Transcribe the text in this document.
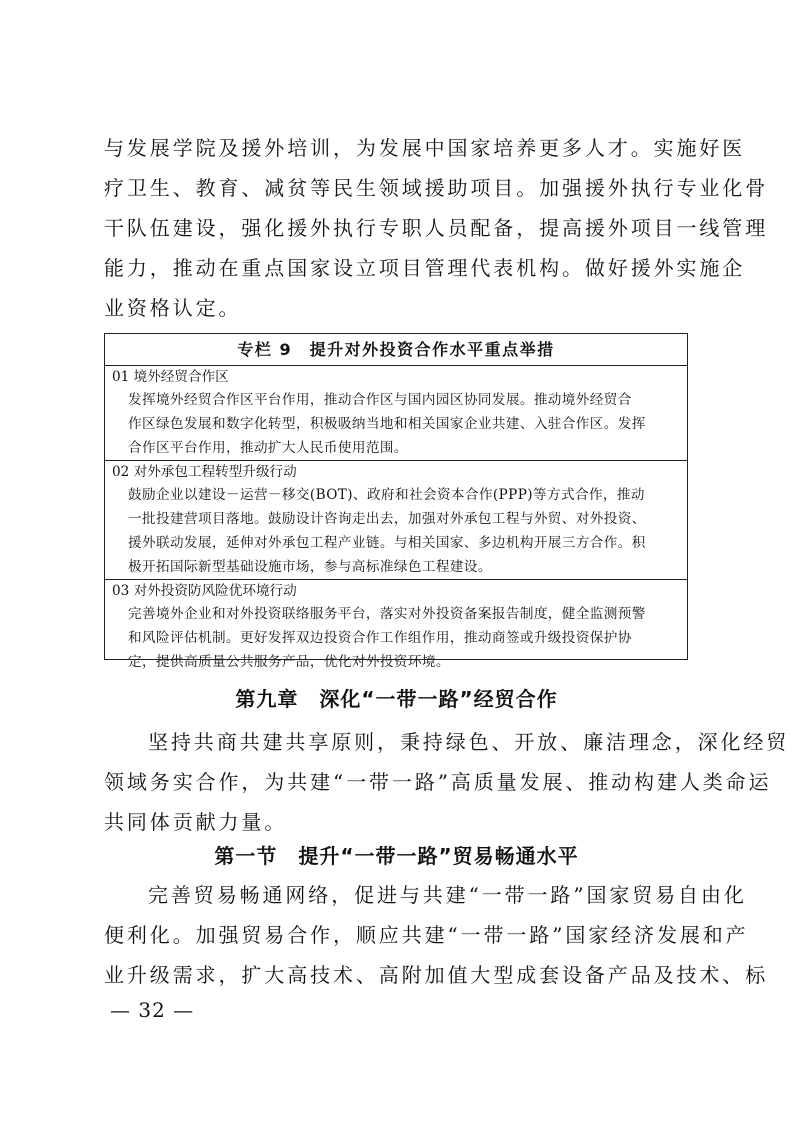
与发展学院及援外培训，为发展中国家培养更多人才。实施好医
疗卫生、教育、减贫等民生领域援助项目。加强援外执行专业化骨
干队伍建设，强化援外执行专职人员配备，提高援外项目一线管理
能力，推动在重点国家设立项目管理代表机构。做好援外实施企
业资格认定。
专栏 9　提升对外投资合作水平重点举措
01 境外经贸合作区
发挥境外经贸合作区平台作用，推动合作区与国内园区协同发展。推动境外经贸合
作区绿色发展和数字化转型，积极吸纳当地和相关国家企业共建、入驻合作区。发挥
合作区平台作用，推动扩大人民币使用范围。
02 对外承包工程转型升级行动
鼓励企业以建设－运营－移交(BOT)、政府和社会资本合作(PPP)等方式合作，推动
一批投建营项目落地。鼓励设计咨询走出去，加强对外承包工程与外贸、对外投资、
援外联动发展，延伸对外承包工程产业链。与相关国家、多边机构开展三方合作。积
极开拓国际新型基础设施市场，参与高标准绿色工程建设。
03 对外投资防风险优环境行动
完善境外企业和对外投资联络服务平台，落实对外投资备案报告制度，健全监测预警
和风险评估机制。更好发挥双边投资合作工作组作用，推动商签或升级投资保护协
定，提供高质量公共服务产品，优化对外投资环境。
第九章　深化“一带一路”经贸合作
坚持共商共建共享原则，秉持绿色、开放、廉洁理念，深化经贸
领域务实合作，为共建“一带一路”高质量发展、推动构建人类命运
共同体贡献力量。
第一节　提升“一带一路”贸易畅通水平
完善贸易畅通网络，促进与共建“一带一路”国家贸易自由化
便利化。加强贸易合作，顺应共建“一带一路”国家经济发展和产
业升级需求，扩大高技术、高附加值大型成套设备产品及技术、标
— 32 —
